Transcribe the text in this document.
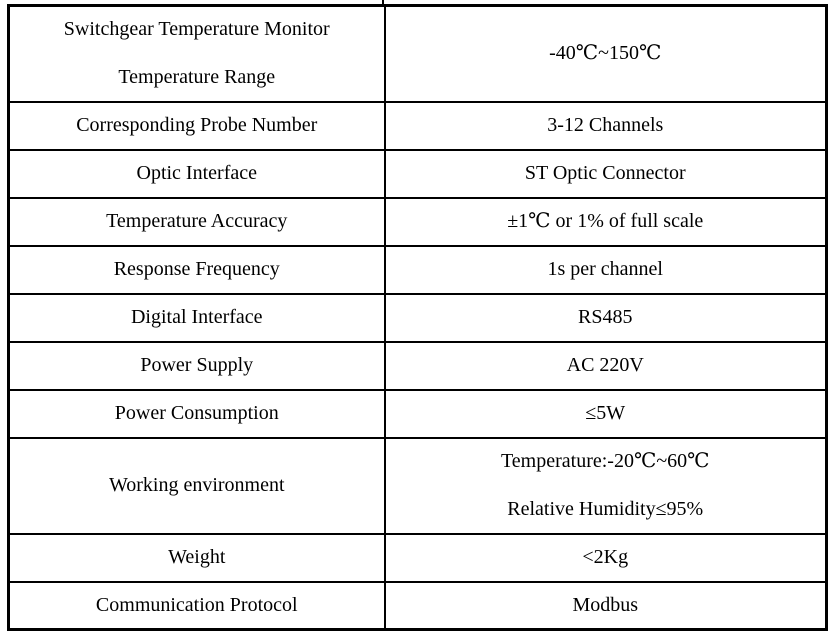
Switchgear Temperature Monitor
Temperature Range	-40℃~150℃

Corresponding Probe Number	3-12 Channels

Optic Interface	ST Optic Connector

Temperature Accuracy	±1℃ or 1% of full scale

Response Frequency	1s per channel

Digital Interface	RS485

Power Supply	AC 220V

Power Consumption	≤5W

Working environment	Temperature:-20℃~60℃
Relative Humidity≤95%

Weight	<2Kg

Communication Protocol	Modbus
